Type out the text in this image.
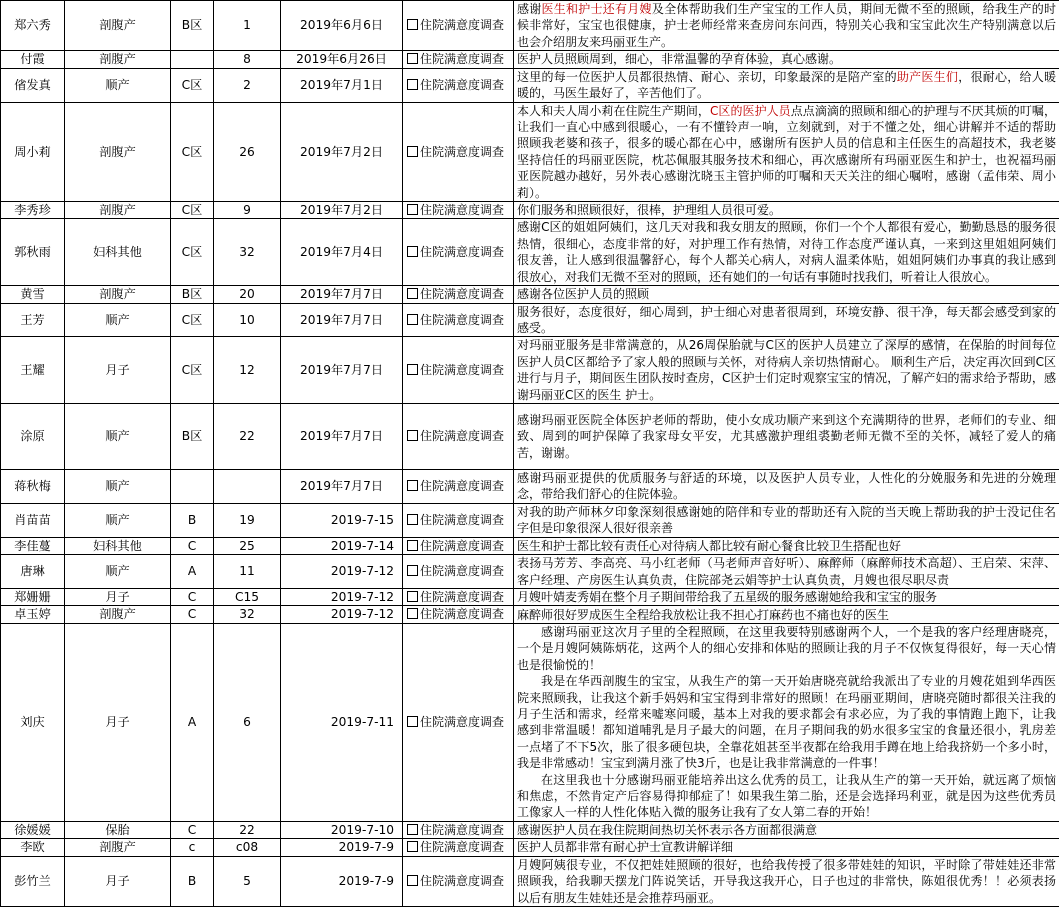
郑六秀	剖腹产	B区	1	2019年6月6日	住院满意度调查	感谢医生和护士还有月嫂及全体帮助我们生产宝宝的工作人员，期间无微不至的照顾，给我生产的时候非常好，宝宝也很健康，护士老师经常来查房问东问西，特别关心我和宝宝此次生产特别满意以后也会介绍朋友来玛丽亚生产。
付霞	剖腹产		8	2019年6月26日	住院满意度调查	医护人员照顾周到，细心，非常温馨的孕育体验，真心感谢。
偗发真	顺产	C区	2	2019年7月1日	住院满意度调查	这里的每一位医护人员都很热情、耐心、亲切，印象最深的是陪产室的助产医生们，很耐心，给人暖暖的，马医生最好了，辛苦他们了。
周小莉	剖腹产	C区	26	2019年7月2日	住院满意度调查	本人和夫人周小莉在住院生产期间，C区的医护人员点点滴滴的照顾和细心的护理与不厌其烦的叮嘱，让我们一直心中感到很暖心，一有不懂铃声一响，立刻就到，对于不懂之处，细心讲解并不适的帮助照顾我老婆和孩子，很多的暖心都在心中，感谢所有医护人员的信息和主任医生的高超技术，我老婆坚持信任的玛丽亚医院，枕芯佩服其服务技术和细心，再次感谢所有玛丽亚医生和护士，也祝福玛丽亚医院越办越好，另外表心感谢沈晓玉主管护师的叮嘱和天天关注的细心嘱咐，感谢（孟伟荣、周小莉）。
李秀珍	剖腹产	C区	9	2019年7月2日	住院满意度调查	你们服务和照顾很好，很棒，护理组人员很可爱。
郭秋雨	妇科其他	C区	32	2019年7月4日	住院满意度调查	感谢C区的姐姐阿姨们，这几天对我和我女朋友的照顾，你们一个个人都很有爱心，勤勤恳恳的服务很热情，很细心，态度非常的好，对护理工作有热情，对待工作态度严谨认真，一来到这里姐姐阿姨们很友善，让人感到很温馨舒心，每个人都关心病人，对病人温柔体贴，姐姐阿姨们办事真的我让感到很放心，对我们无微不至对的照顾，还有她们的一句话有事随时找我们，听着让人很放心。
黄雪	剖腹产	B区	20	2019年7月7日	住院满意度调查	感谢各位医护人员的照顾
王芳	顺产	C区	10	2019年7月7日	住院满意度调查	服务很好，态度很好，细心周到，护士细心对患者很周到，环境安静、很干净，每天都会感受到家的感受。
王耀	月子	C区	12	2019年7月7日	住院满意度调查	对玛丽亚服务是非常满意的，从26周保胎就与C区的医护人员建立了深厚的感情，在保胎的时间每位医护人员C区都给予了家人般的照顾与关怀，对待病人亲切热情耐心。 顺利生产后，决定再次回到C区进行与月子，期间医生团队按时查房，C区护士们定时观察宝宝的情况，了解产妇的需求给予帮助，感谢玛丽亚C区的医生 护士。
涂原	顺产	B区	22	2019年7月7日	住院满意度调查	感谢玛丽亚医院全体医护老师的帮助，使小女成功顺产来到这个充满期待的世界，老师们的专业、细致、周到的呵护保障了我家母女平安，尤其感激护理组裘勤老师无微不至的关怀，减轻了爱人的痛苦，谢谢。
蒋秋梅	顺产			2019年7月7日	住院满意度调查	感谢玛丽亚提供的优质服务与舒适的环境，以及医护人员专业，人性化的分娩服务和先进的分娩理念，带给我们舒心的住院体验。
肖苗苗	顺产	B	19	2019-7-15	住院满意度调查	对我的助产师林夕印象深刻很感谢她的陪伴和专业的帮助还有入院的当天晚上帮助我的护士没记住名字但是印象很深人很好很亲善
李佳蔓	妇科其他	C	25	2019-7-14	住院满意度调查	医生和护士都比较有责任心对待病人都比较有耐心餐食比较卫生搭配也好
唐琳	顺产	A	11	2019-7-12	住院满意度调查	表扬马芳芳、李高亮、马小红老师（马老师声音好听）、麻醉师（麻醉师技术高超）、王启荣、宋萍、客户经理、产房医生认真负责，住院部尧云娟等护士认真负责，月嫂也很尽职尽责
郑姗姗	月子	C	C15	2019-7-12	住院满意度调查	月嫂叶婧麦秀娟在整个月子期间带给我了五星级的服务感谢她给我和宝宝的服务
卓玉婷	剖腹产	C	32	2019-7-12	住院满意度调查	麻醉师很好罗成医生全程给我放松让我不担心打麻药也不痛也好的医生
刘庆	月子	A	6	2019-7-11	住院满意度调查	感谢玛丽亚这次月子里的全程照顾，在这里我要特别感谢两个人，一个是我的客户经理唐晓亮，一个是月嫂阿姨陈炳花，这两个人的细心安排和体贴的照顾让我的月子不仅恢复得很好，每一天心情也是很愉悦的！
我是在华西剖腹生的宝宝，从我生产的第一天开始唐晓亮就给我派出了专业的月嫂花姐到华西医院来照顾我，让我这个新手妈妈和宝宝得到非常好的照顾！在玛丽亚期间，唐晓亮随时都很关注我的月子生活和需求，经常来嘘寒问暖，基本上对我的要求都会有求必应，为了我的事情跑上跑下，让我感到非常温暖！都知道哺乳是月子最大的问题，在月子期间我的奶水很多宝宝的食量还很小，乳房差一点堵了不下5次，胀了很多硬包块，全靠花姐甚至半夜都在给我用手蹲在地上给我挤奶一个多小时，我是非常感动！宝宝到满月涨了快3斤，也是让我非常满意的一件事！
在这里我也十分感谢玛丽亚能培养出这么优秀的员工，让我从生产的第一天开始，就远离了烦恼和焦虑，不然肯定产后容易得抑郁症了！如果我生第二胎，还是会选择玛利亚，就是因为这些优秀员工像家人一样的人性化体贴入微的服务让我有了女人第二春的开始！

徐媛媛	保胎	C	22	2019-7-10	住院满意度调查	感谢医护人员在我住院期间热切关怀表示各方面都很满意
李欧	剖腹产	c	c08	2019-7-9	住院满意度调查	医护人员都非常有耐心护士宣教讲解详细
彭竹兰	月子	B	5	2019-7-9	住院满意度调查	月嫂阿姨很专业，不仅把娃娃照顾的很好，也给我传授了很多带娃娃的知识，平时除了带娃娃还非常照顾我，给我聊天摆龙门阵说笑话，开导我这我开心，日子也过的非常快，陈姐很优秀！！必须表扬以后有朋友生娃娃还是会推荐玛丽亚。
